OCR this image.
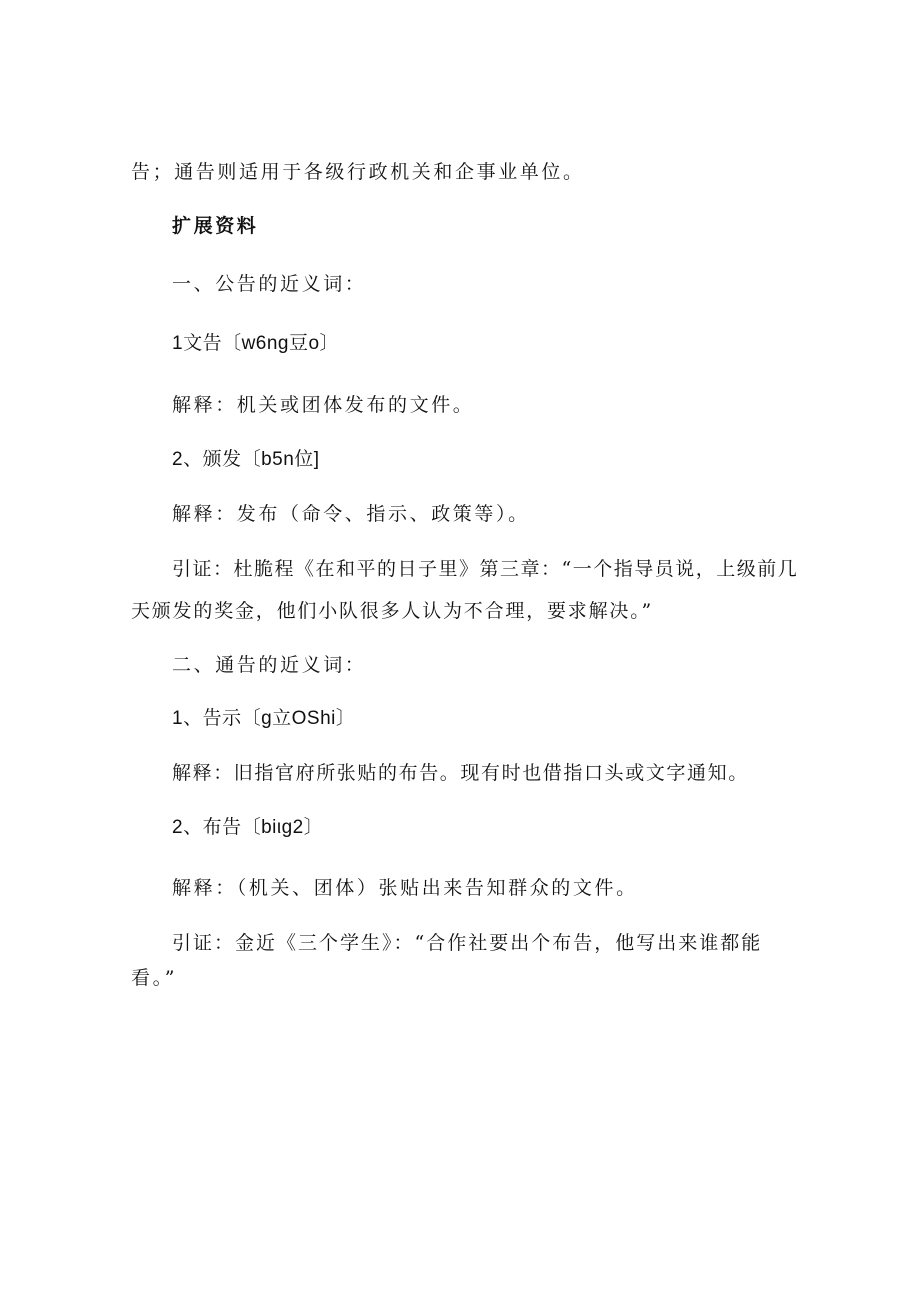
告；通告则适用于各级行政机关和企事业单位。
扩展资料
一、公告的近义词：
1文告〔w6ng豆o〕
解释：机关或团体发布的文件。
2、颁发〔b5n位]
解释：发布（命令、指示、政策等）。
引证：杜脆程《在和平的日子里》第三章：“一个指导员说，上级前几
天颁发的奖金，他们小队很多人认为不合理，要求解决。”
二、通告的近义词：
1、告示〔g立OShi〕
解释：旧指官府所张贴的布告。现有时也借指口头或文字通知。
2、布告〔biιg2〕
解释：（机关、团体）张贴出来告知群众的文件。
引证：金近《三个学生》：“合作社要出个布告，他写出来谁都能
看。”
